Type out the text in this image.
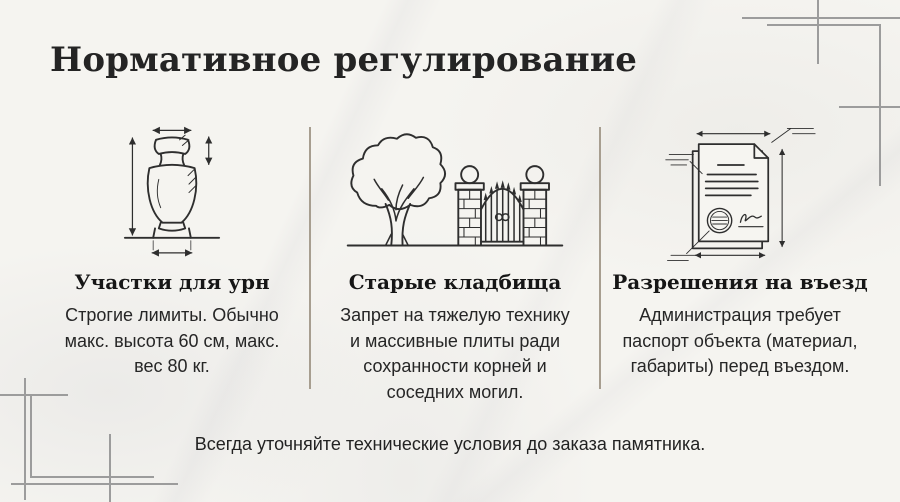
Нормативное регулирование
Участки для урн

Строгие лимиты. Обычно макс. высота 60 см, макс. вес 80 кг.

Старые кладбища

Запрет на тяжелую технику и массивные плиты ради сохранности корней и соседних могил.

Разрешения на въезд

Администрация требует паспорт объекта (материал, габариты) перед въездом.

Всегда уточняйте технические условия до заказа памятника.
